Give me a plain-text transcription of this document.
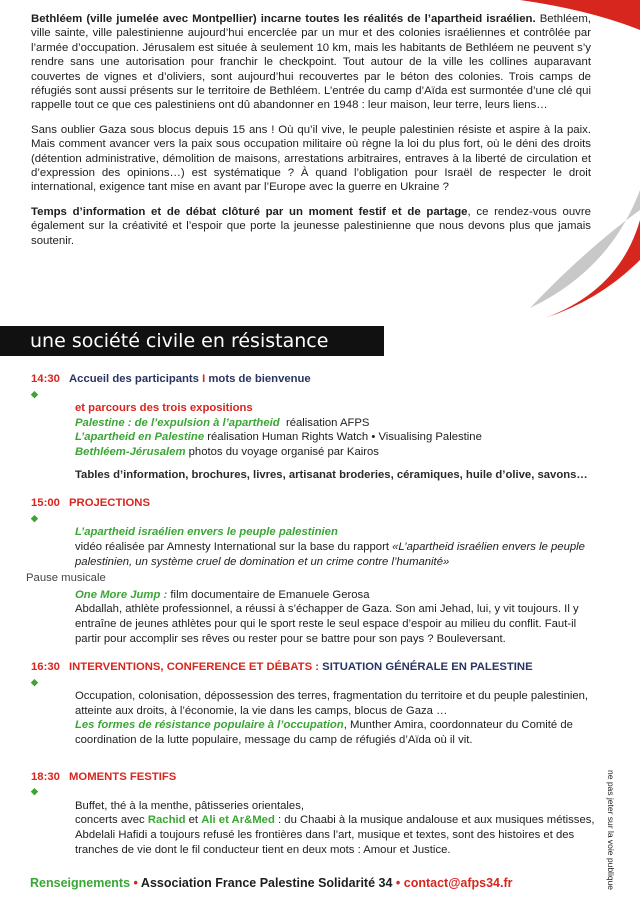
Bethléem (ville jumelée avec Montpellier) incarne toutes les réalités de l’apartheid israélien. Bethléem, ville sainte, ville palestinienne aujourd’hui encerclée par un mur et des colonies israéliennes et contrôlée par l’armée d’occupation. Jérusalem est située à seulement 10 km, mais les habitants de Bethléem ne peuvent s’y rendre sans une autorisation pour franchir le checkpoint. Tout autour de la ville les collines auparavant couvertes de vignes et d’oliviers, sont aujourd’hui recouvertes par le béton des colonies. Trois camps de réfugiés sont aussi présents sur le territoire de Bethléem. L’entrée du camp d’Aïda est surmontée d’une clé qui rappelle tout ce que ces palestiniens ont dû abandonner en 1948 : leur maison, leur terre, leurs liens…

Sans oublier Gaza sous blocus depuis 15 ans ! Où qu’il vive, le peuple palestinien résiste et aspire à la paix. Mais comment avancer vers la paix sous occupation militaire où règne la loi du plus fort, où le déni des droits (détention administrative, démolition de maisons, arrestations arbitraires, entraves à la liberté de circulation et d’expression des opinions…) est systématique ? À quand l’obligation pour Israël de respecter le droit international, exigence tant mise en avant par l’Europe avec la guerre en Ukraine ?

Temps d’information et de débat clôturé par un moment festif et de partage, ce rendez-vous ouvre également sur la créativité et l’espoir que porte la jeunesse palestinienne que nous devons plus que jamais soutenir.

une société civile en résistance
14:30 ◆
Accueil des participants I mots de bienvenue
et parcours des trois expositions
Palestine : de l’expulsion à l’apartheid réalisation AFPS
L’apartheid en Palestine réalisation Human Rights Watch • Visualising Palestine
Bethléem-Jérusalem photos du voyage organisé par Kairos
Tables d’information, brochures, livres, artisanat broderies, céramiques, huile d’olive, savons…
15:00 ◆
PROJECTIONS
L’apartheid israélien envers le peuple palestinien
vidéo réalisée par Amnesty International sur la base du rapport «L’apartheid israélien envers le peuple palestinien, un système cruel de domination et un crime contre l’humanité»
Pause musicale
One More Jump : film documentaire de Emanuele Gerosa
Abdallah, athlète professionnel, a réussi à s’échapper de Gaza. Son ami Jehad, lui, y vit toujours. Il y entraîne de jeunes athlètes pour qui le sport reste le seul espace d’espoir au milieu du conflit. Faut-il partir pour accomplir ses rêves ou rester pour se battre pour son pays ? Bouleversant.
16:30 ◆
INTERVENTIONS, CONFERENCE ET DÉBATS : SITUATION GÉNÉRALE EN PALESTINE
Occupation, colonisation, dépossession des terres, fragmentation du territoire et du peuple palestinien, atteinte aux droits, à l’économie, la vie dans les camps, blocus de Gaza …
Les formes de résistance populaire à l’occupation, Munther Amira, coordonnateur du Comité de coordination de la lutte populaire, message du camp de réfugiés d’Aïda où il vit.
18:30 ◆
MOMENTS FESTIFS
Buffet, thé à la menthe, pâtisseries orientales,
concerts avec Rachid et Ali et Ar&Med : du Chaabi à la musique andalouse et aux musiques métisses,
Abdelali Hafidi a toujours refusé les frontières dans l’art, musique et textes, sont des histoires et des tranches de vie dont le fil conducteur tient en deux mots : Amour et Justice.
Renseignements • Association France Palestine Solidarité 34 • contact@afps34.fr	ne pas jeter sur la voie publique
